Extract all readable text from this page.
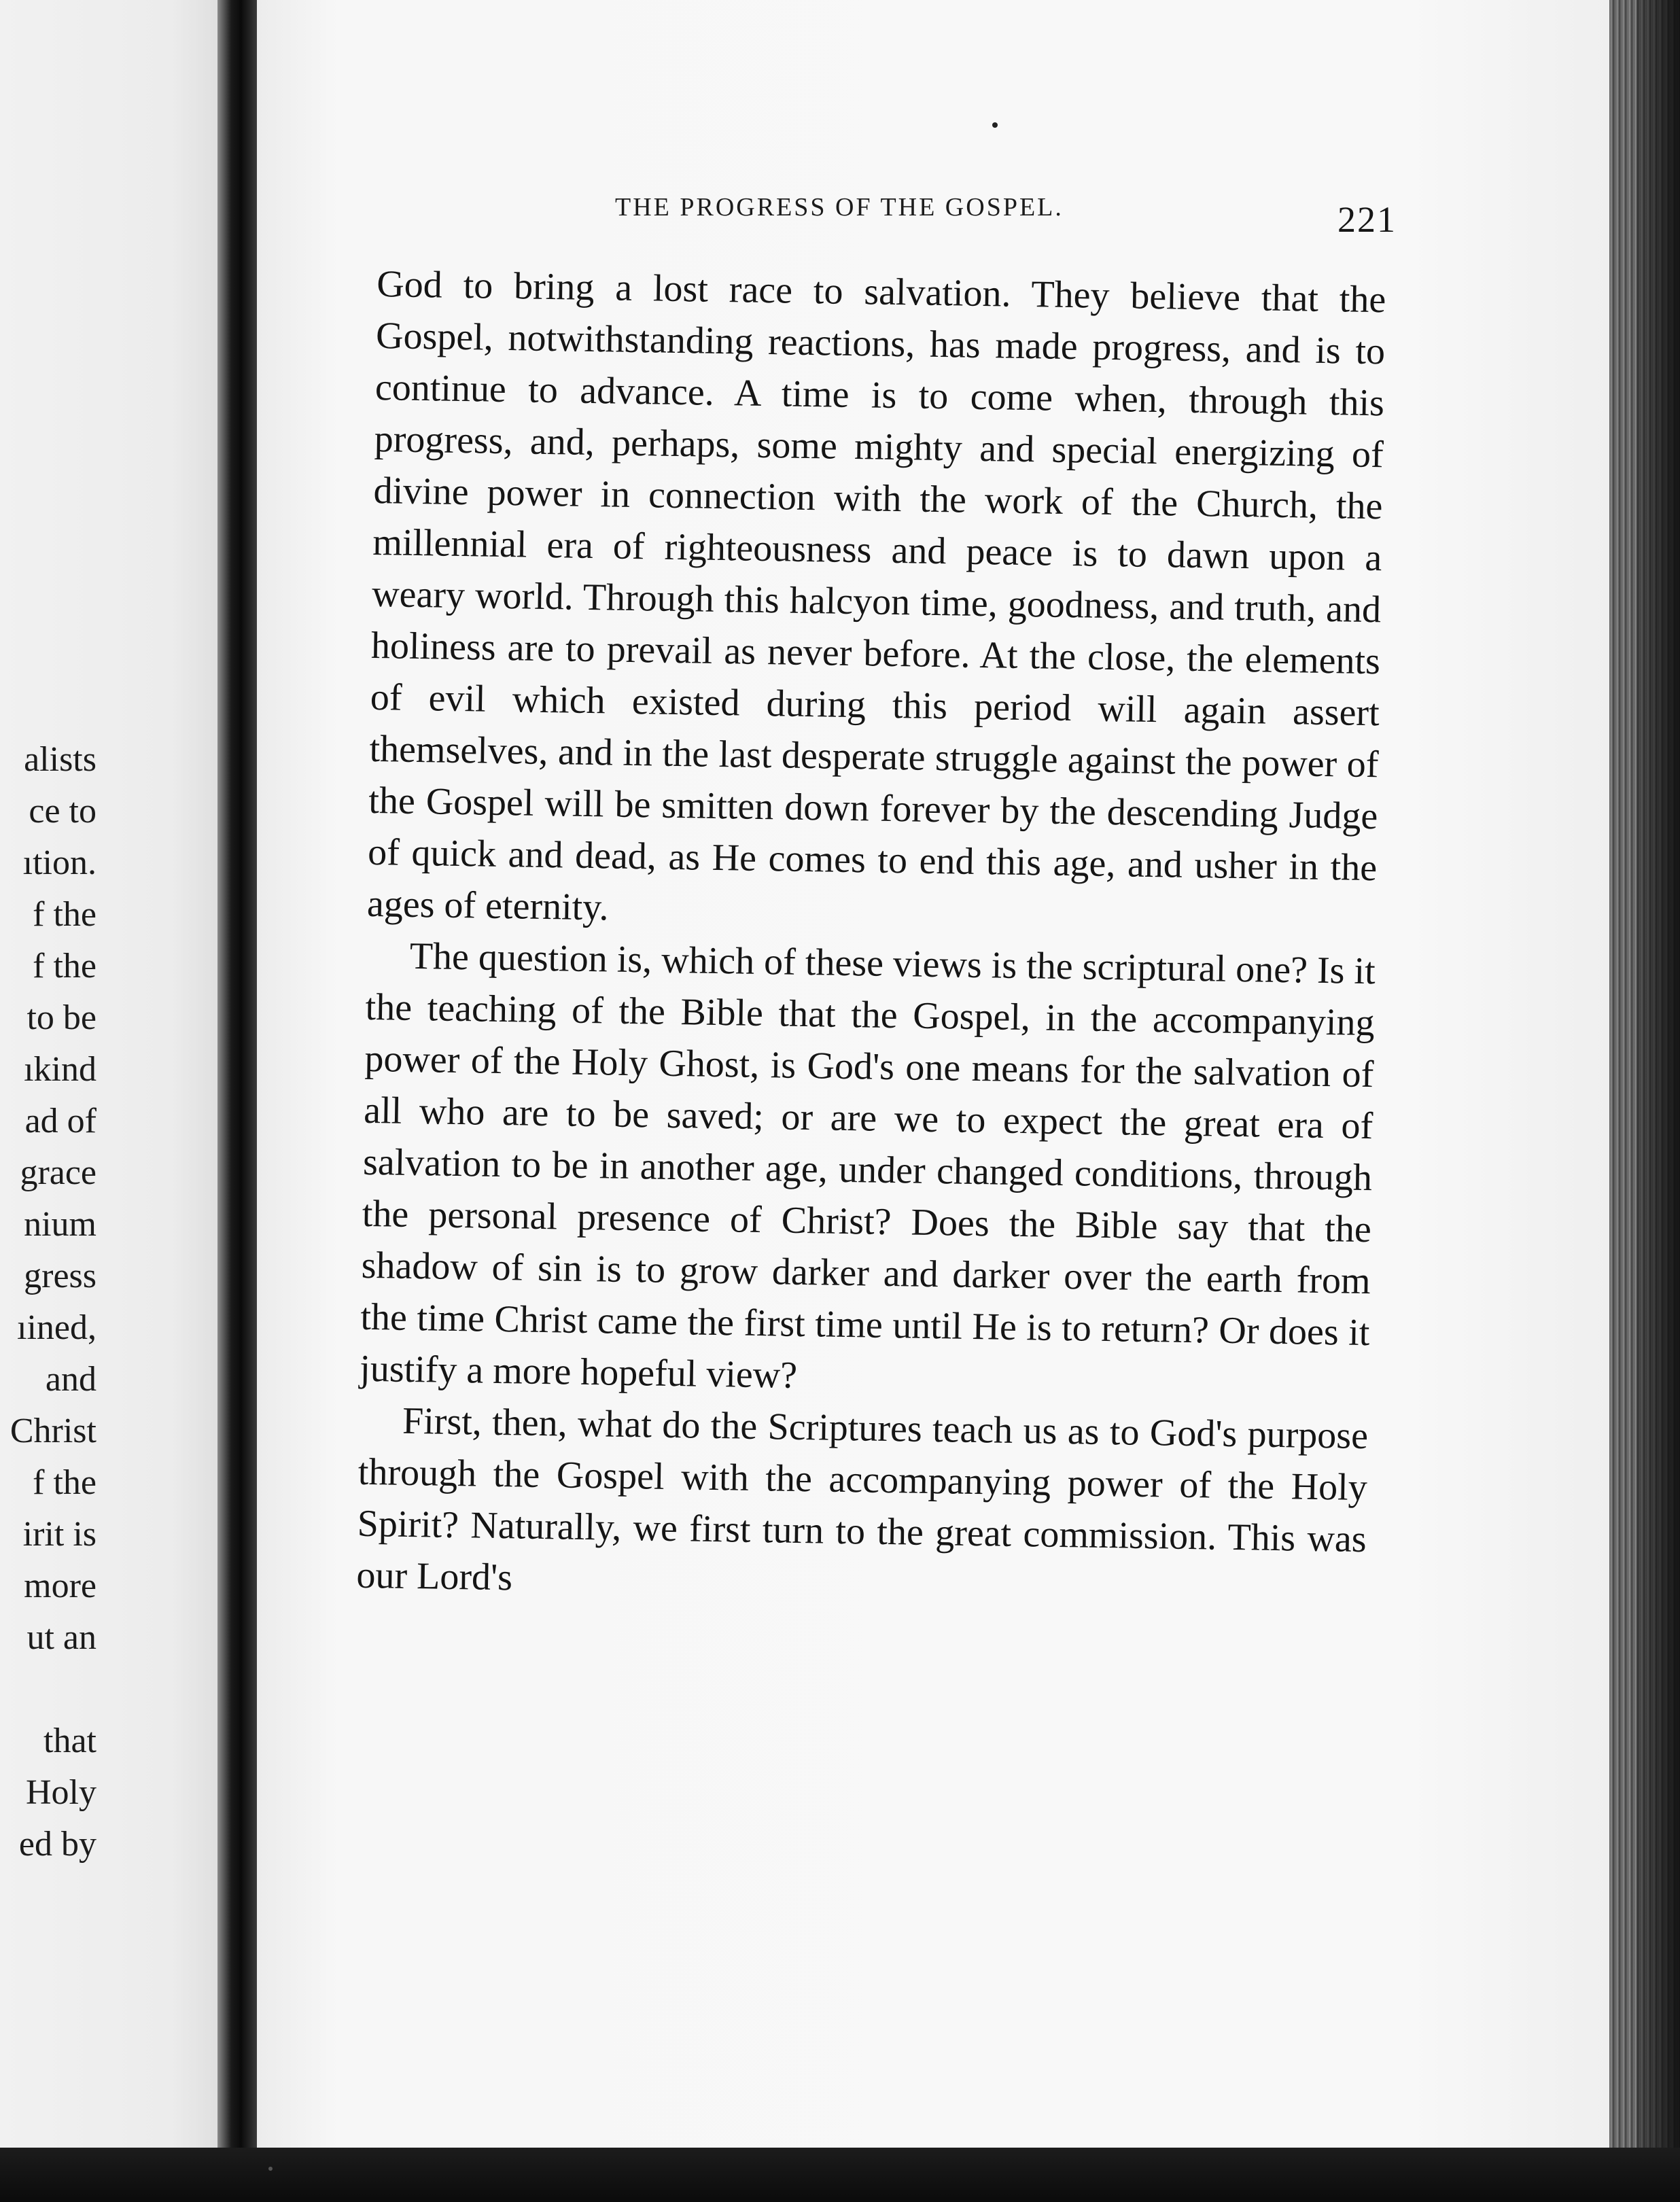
alists
ce to
ıtion.
f the
f the
to be
ıkind
ad of
grace
nium
gress
ıined,
and
Christ
f the
irit is
more
ut an
that
Holy
ed by
THE PROGRESS OF THE GOSPEL.	221

God to bring a lost race to salvation. They believe that the Gospel, notwithstanding reactions, has made progress, and is to continue to advance. A time is to come when, through this progress, and, perhaps, some mighty and special energizing of divine power in connection with the work of the Church, the millennial era of righteousness and peace is to dawn upon a weary world. Through this halcyon time, goodness, and truth, and holiness are to prevail as never before. At the close, the elements of evil which existed during this period will again assert themselves, and in the last desperate struggle against the power of the Gospel will be smitten down forever by the descending Judge of quick and dead, as He comes to end this age, and usher in the ages of eternity.

The question is, which of these views is the scriptural one? Is it the teaching of the Bible that the Gospel, in the accompanying power of the Holy Ghost, is God's one means for the salvation of all who are to be saved; or are we to expect the great era of salvation to be in another age, under changed conditions, through the personal presence of Christ? Does the Bible say that the shadow of sin is to grow darker and darker over the earth from the time Christ came the first time until He is to return? Or does it justify a more hopeful view?

First, then, what do the Scriptures teach us as to God's purpose through the Gospel with the accompanying power of the Holy Spirit? Naturally, we first turn to the great commission. This was our Lord's
